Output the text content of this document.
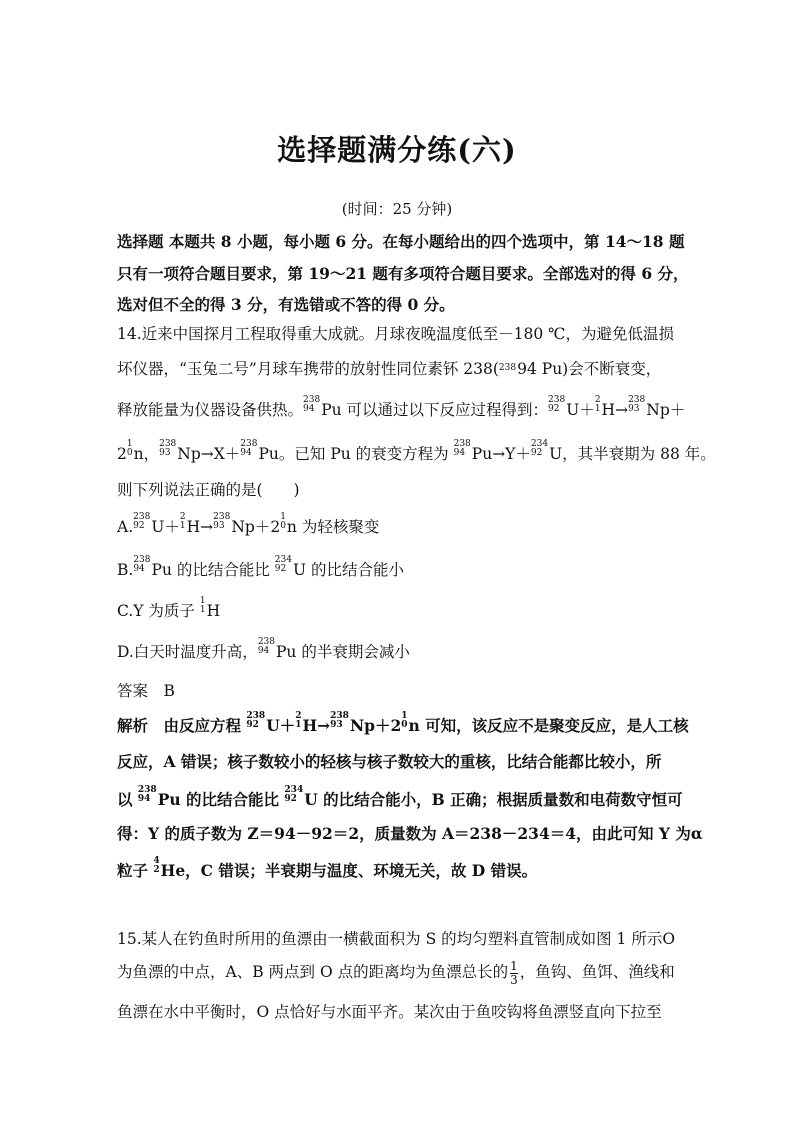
选择题满分练(六)
(时间：25 分钟)
选择题 本题共 8 小题，每小题 6 分。在每小题给出的四个选项中，第 14～18 题
只有一项符合题目要求，第 19～21 题有多项符合题目要求。全部选对的得 6 分，
选对但不全的得 3 分，有选错或不答的得 0 分。
14.近来中国探月工程取得重大成就。月球夜晚温度低至－180 ℃，为避免低温损
坏仪器，“玉兔二号”月球车携带的放射性同位素钚 238(23894 Pu)会不断衰变，
释放能量为仪器设备供热。238
94 Pu 可以通过以下反应过程得到：238
92 U＋2
1H→238
93 Np＋
21
0n，238
93 Np→X＋238
94 Pu。已知 Pu 的衰变方程为 238
94 Pu→Y＋234
92 U，其半衰期为 88 年。
则下列说法正确的是(　　)
A.238
92 U＋2
1H→238
93 Np＋21
0n 为轻核聚变
B.238
94 Pu 的比结合能比 234
92 U 的比结合能小
C.Y 为质子 1
1H
D.白天时温度升高，238
94 Pu 的半衰期会减小
答案　B
解析　由反应方程 238
92 U＋2
1H→238
93 Np＋21
0n 可知，该反应不是聚变反应，是人工核
反应，A 错误；核子数较小的轻核与核子数较大的重核，比结合能都比较小，所
以 238
94 Pu 的比结合能比 234
92 U 的比结合能小，B 正确；根据质量数和电荷数守恒可
得：Y 的质子数为 Z＝94－92＝2，质量数为 A＝238－234＝4，由此可知 Y 为α
粒子 4
2He，C 错误；半衰期与温度、环境无关，故 D 错误。
15.某人在钓鱼时所用的鱼漂由一横截面积为 S 的均匀塑料直管制成如图 1 所示O
为鱼漂的中点，A、B 两点到 O 点的距离均为鱼漂总长的 $\frac{1}{3}$ ，鱼钩、鱼饵、渔线和
鱼漂在水中平衡时，O 点恰好与水面平齐。某次由于鱼咬钩将鱼漂竖直向下拉至
